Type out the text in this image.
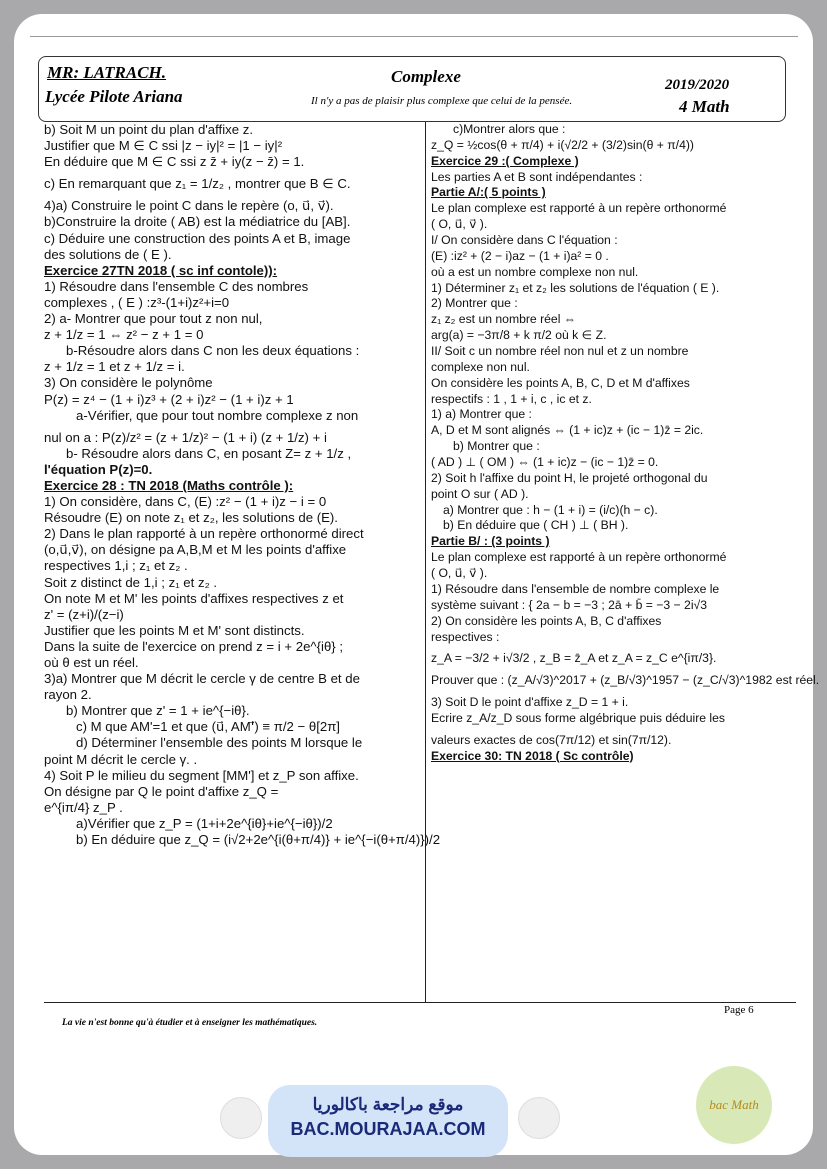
MR: LATRACH.
Lycée Pilote Ariana
Complexe
Il n'y a pas de plaisir plus complexe que celui de la pensée.
2019/2020
4 Math

b) Soit M un point du plan d'affixe z.

Justifier que M ∈ C ssi |z − iy|² = |1 − iy|²

En déduire que M ∈ C ssi z z̄ + iy(z − z̄) = 1.

c) En remarquant que z₁ = 1/z₂ , montrer que B ∈ C.

4)a) Construire le point C dans le repère (o, u⃗, v⃗).

b)Construire la droite ( AB) est la médiatrice du [AB].

c) Déduire une construction des points A et B, image

des solutions de ( E ).

Exercice 27TN 2018 ( sc inf contole)):

1) Résoudre dans l'ensemble C des nombres

complexes , ( E ) :z³-(1+i)z²+i=0

2) a- Montrer que pour tout z non nul,

z + 1/z = 1 ⇔ z² − z + 1 = 0

b-Résoudre alors dans C non les deux équations :

z + 1/z = 1 et z + 1/z = i.

3) On considère le polynôme

P(z) = z⁴ − (1 + i)z³ + (2 + i)z² − (1 + i)z + 1

a-Vérifier, que pour tout nombre complexe z non

nul on a : P(z)/z² = (z + 1/z)² − (1 + i) (z + 1/z) + i

b- Résoudre alors dans C, en posant Z= z + 1/z ,

l'équation P(z)=0.

Exercice 28 : TN 2018 (Maths contrôle ):

1) On considère, dans C, (E) :z² − (1 + i)z − i = 0

Résoudre (E) on note z₁ et z₂, les solutions de (E).

2) Dans le plan rapporté à un repère orthonormé direct

(o,u⃗,v⃗), on désigne pa A,B,M et M les points d'affixe

respectives 1,i ; z₁ et z₂ .

Soit z distinct de 1,i ; z₁ et z₂ .

On note M et M' les points d'affixes respectives z et

z' = (z+i)/(z−i)

Justifier que les points M et M' sont distincts.

Dans la suite de l'exercice on prend z = i + 2e^{iθ} ;

où θ est un réel.

3)a) Montrer que M décrit le cercle γ de centre B et de

rayon 2.

b) Montrer que z' = 1 + ie^{−iθ}.

c) M que AM'=1 et que (u⃗, AM'⃗) ≡ π/2 − θ[2π]

d) Déterminer l'ensemble des points M lorsque le

point M décrit le cercle γ. .

4) Soit P le milieu du segment [MM'] et z_P son affixe.

On désigne par Q le point d'affixe z_Q =

e^{iπ/4} z_P .

a)Vérifier que z_P = (1+i+2e^{iθ}+ie^{−iθ})/2

b) En déduire que z_Q = (i√2+2e^{i(θ+π/4)} + ie^{−i(θ+π/4)})/2

c)Montrer alors que :

z_Q = ½cos(θ + π/4) + i(√2/2 + (3/2)sin(θ + π/4))

Exercice 29 :( Complexe )

Les parties A et B sont indépendantes :

Partie A/:( 5 points )

Le plan complexe est rapporté à un repère orthonormé

( O, u⃗, v⃗ ).

I/ On considère dans C l'équation :

(E) :iz² + (2 − i)az − (1 + i)a² = 0 .

où a est un nombre complexe non nul.

1) Déterminer z₁ et z₂ les solutions de l'équation ( E ).

2) Montrer que :

z₁ z₂ est un nombre réel ⇔

arg(a) = −3π/8 + k π/2 où k ∈ Z.

II/ Soit c un nombre réel non nul et z un nombre

complexe non nul.

On considère les points A, B, C, D et M d'affixes

respectifs : 1 , 1 + i, c , ic et z.

1) a) Montrer que :

A, D et M sont alignés ⇔ (1 + ic)z + (ic − 1)z̄ = 2ic.

b) Montrer que :

( AD ) ⊥ ( OM ) ⇔ (1 + ic)z − (ic − 1)z̄ = 0.

2) Soit h l'affixe du point H, le projeté orthogonal du

point O sur ( AD ).

a) Montrer que : h − (1 + i) = (i/c)(h − c).

b) En déduire que ( CH ) ⊥ ( BH ).

Partie B/ : (3 points )

Le plan complexe est rapporté à un repère orthonormé

( O, u⃗, v⃗ ).

1) Résoudre dans l'ensemble de nombre complexe le

système suivant : { 2a − b = −3 ; 2ā + b̄ = −3 − 2i√3

2) On considère les points A, B, C d'affixes

respectives :

z_A = −3/2 + i√3/2 , z_B = z̄_A et z_A = z_C e^{iπ/3}.

Prouver que : (z_A/√3)^2017 + (z_B/√3)^1957 − (z_C/√3)^1982 est réel.

3) Soit D le point d'affixe z_D = 1 + i.

Ecrire z_A/z_D sous forme algébrique puis déduire les

valeurs exactes de cos(7π/12) et sin(7π/12).

Exercice 30: TN 2018 ( Sc contrôle)

La vie n'est bonne qu'à étudier et à enseigner les mathématiques.
Page 6
موقع مراجعة باكالوريا
BAC.MOURAJAA.COM
bac Math
